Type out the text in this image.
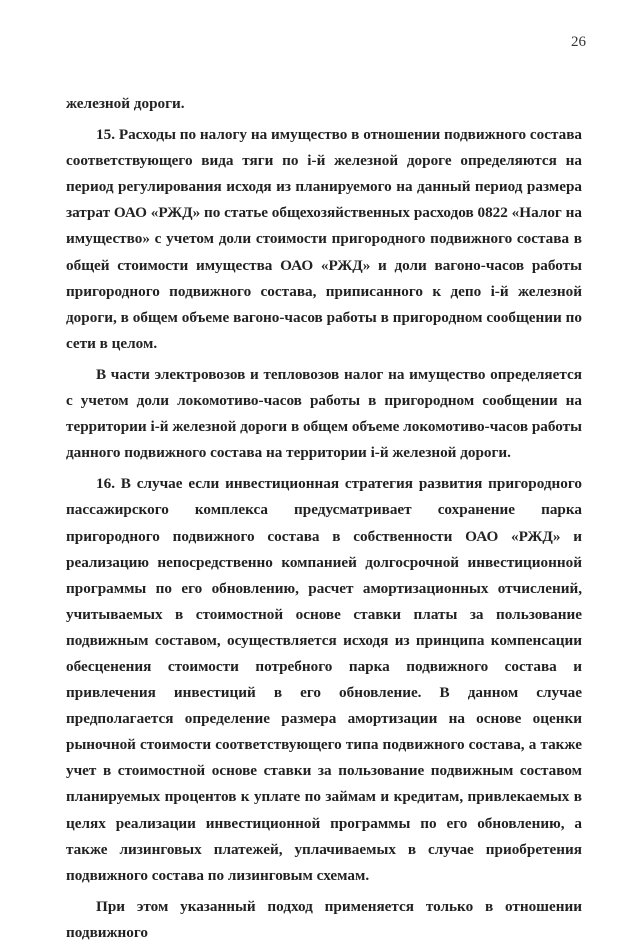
26

железной дороги.

15. Расходы по налогу на имущество в отношении подвижного состава соответствующего вида тяги по i-й железной дороге определяются на период регулирования исходя из планируемого на данный период размера затрат ОАО «РЖД» по статье общехозяйственных расходов 0822 «Налог на имущество» с учетом доли стоимости пригородного подвижного состава в общей стоимости имущества ОАО «РЖД» и доли вагоно-часов работы пригородного подвижного состава, приписанного к депо i-й железной дороги, в общем объеме вагоно-часов работы в пригородном сообщении по сети в целом.

В части электровозов и тепловозов налог на имущество определяется с учетом доли локомотиво-часов работы в пригородном сообщении на территории i-й железной дороги в общем объеме локомотиво-часов работы данного подвижного состава на территории i-й железной дороги.

16. В случае если инвестиционная стратегия развития пригородного пассажирского комплекса предусматривает сохранение парка пригородного подвижного состава в собственности ОАО «РЖД» и реализацию непосредственно компанией долгосрочной инвестиционной программы по его обновлению, расчет амортизационных отчислений, учитываемых в стоимостной основе ставки платы за пользование подвижным составом, осуществляется исходя из принципа компенсации обесценения стоимости потребного парка подвижного состава и привлечения инвестиций в его обновление. В данном случае предполагается определение размера амортизации на основе оценки рыночной стоимости соответствующего типа подвижного состава, а также учет в стоимостной основе ставки за пользование подвижным составом планируемых процентов к уплате по займам и кредитам, привлекаемых в целях реализации инвестиционной программы по его обновлению, а также лизинговых платежей, уплачиваемых в случае приобретения подвижного состава по лизинговым схемам.

При этом указанный подход применяется только в отношении подвижного
